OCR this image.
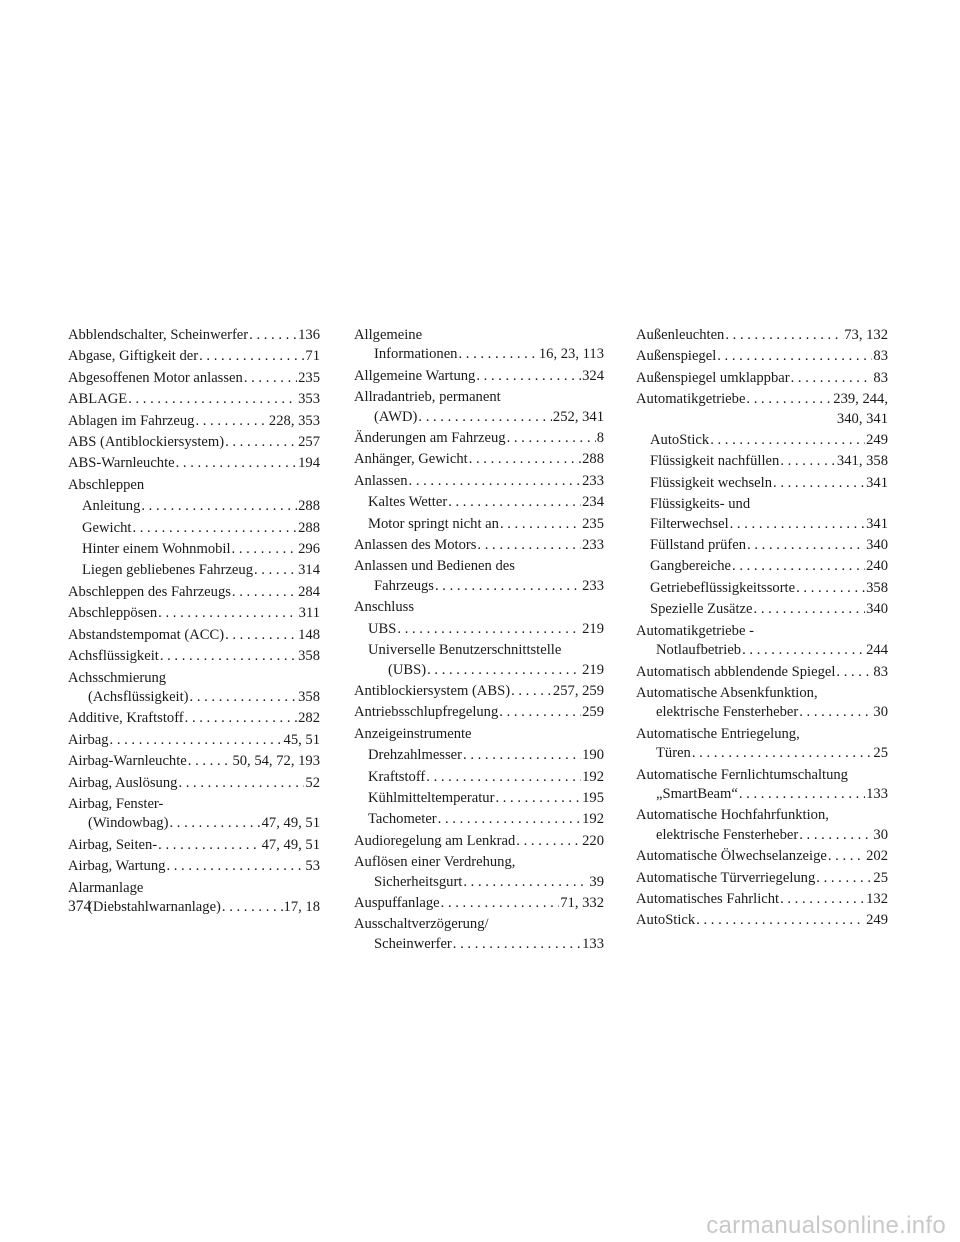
Abblendschalter, Scheinwerfer . . .	136
Abgase, Giftigkeit der . . .	71
Abgesoffenen Motor anlassen . . .	235
ABLAGE . . .	353
Ablagen im Fahrzeug . . .	228, 353
ABS (Antiblockiersystem) . . .	257
ABS-Warnleuchte . . .	194
Abschleppen
Anleitung . . .	288
Gewicht . . .	288
Hinter einem Wohnmobil . . .	296
Liegen gebliebenes Fahrzeug . . .	314
Abschleppen des Fahrzeugs . . .	284
Abschleppösen . . .	311
Abstandstempomat (ACC) . . .	148
Achsflüssigkeit . . .	358
Achsschmierung
(Achsflüssigkeit) . . .	358
Additive, Kraftstoff . . .	282
Airbag . . .	45, 51
Airbag-Warnleuchte . . .	50, 54, 72, 193
Airbag, Auslösung . . .	52
Airbag, Fenster-
(Windowbag) . . .	47, 49, 51
Airbag, Seiten- . . .	47, 49, 51
Airbag, Wartung . . .	53
Alarmanlage
(Diebstahlwarnanlage) . . .	17, 18
Allgemeine
Informationen . . .	16, 23, 113
Allgemeine Wartung . . .	324
Allradantrieb, permanent
(AWD) . . .	252, 341
Änderungen am Fahrzeug . . .	8
Anhänger, Gewicht . . .	288
Anlassen . . .	233
Kaltes Wetter . . .	234
Motor springt nicht an . . .	235
Anlassen des Motors . . .	233
Anlassen und Bedienen des
Fahrzeugs . . .	233
Anschluss
UBS . . .	219
Universelle Benutzerschnittstelle
(UBS) . . .	219
Antiblockiersystem (ABS) . . .	257, 259
Antriebsschlupfregelung . . .	259
Anzeigeinstrumente
Drehzahlmesser . . .	190
Kraftstoff . . .	192
Kühlmitteltemperatur . . .	195
Tachometer . . .	192
Audioregelung am Lenkrad . . .	220
Auflösen einer Verdrehung,
Sicherheitsgurt . . .	39
Auspuffanlage . . .	71, 332
Ausschaltverzögerung/
Scheinwerfer . . .	133
Außenleuchten . . .	73, 132
Außenspiegel . . .	83
Außenspiegel umklappbar . . .	83
Automatikgetriebe . . .	239, 244,
340, 341
AutoStick . . .	249
Flüssigkeit nachfüllen . . .	341, 358
Flüssigkeit wechseln . . .	341
Flüssigkeits- und
Filterwechsel . . .	341
Füllstand prüfen . . .	340
Gangbereiche . . .	240
Getriebeflüssigkeitssorte . . .	358
Spezielle Zusätze . . .	340
Automatikgetriebe -
Notlaufbetrieb . . .	244
Automatisch abblendende Spiegel . . .	83
Automatische Absenkfunktion,
elektrische Fensterheber . . .	30
Automatische Entriegelung,
Türen . . .	25
Automatische Fernlichtumschaltung
„SmartBeam“ . . .	133
Automatische Hochfahrfunktion,
elektrische Fensterheber . . .	30
Automatische Ölwechselanzeige . . .	202
Automatische Türverriegelung . . .	25
Automatisches Fahrlicht . . .	132
AutoStick . . .	249
374
carmanualsonline.info
